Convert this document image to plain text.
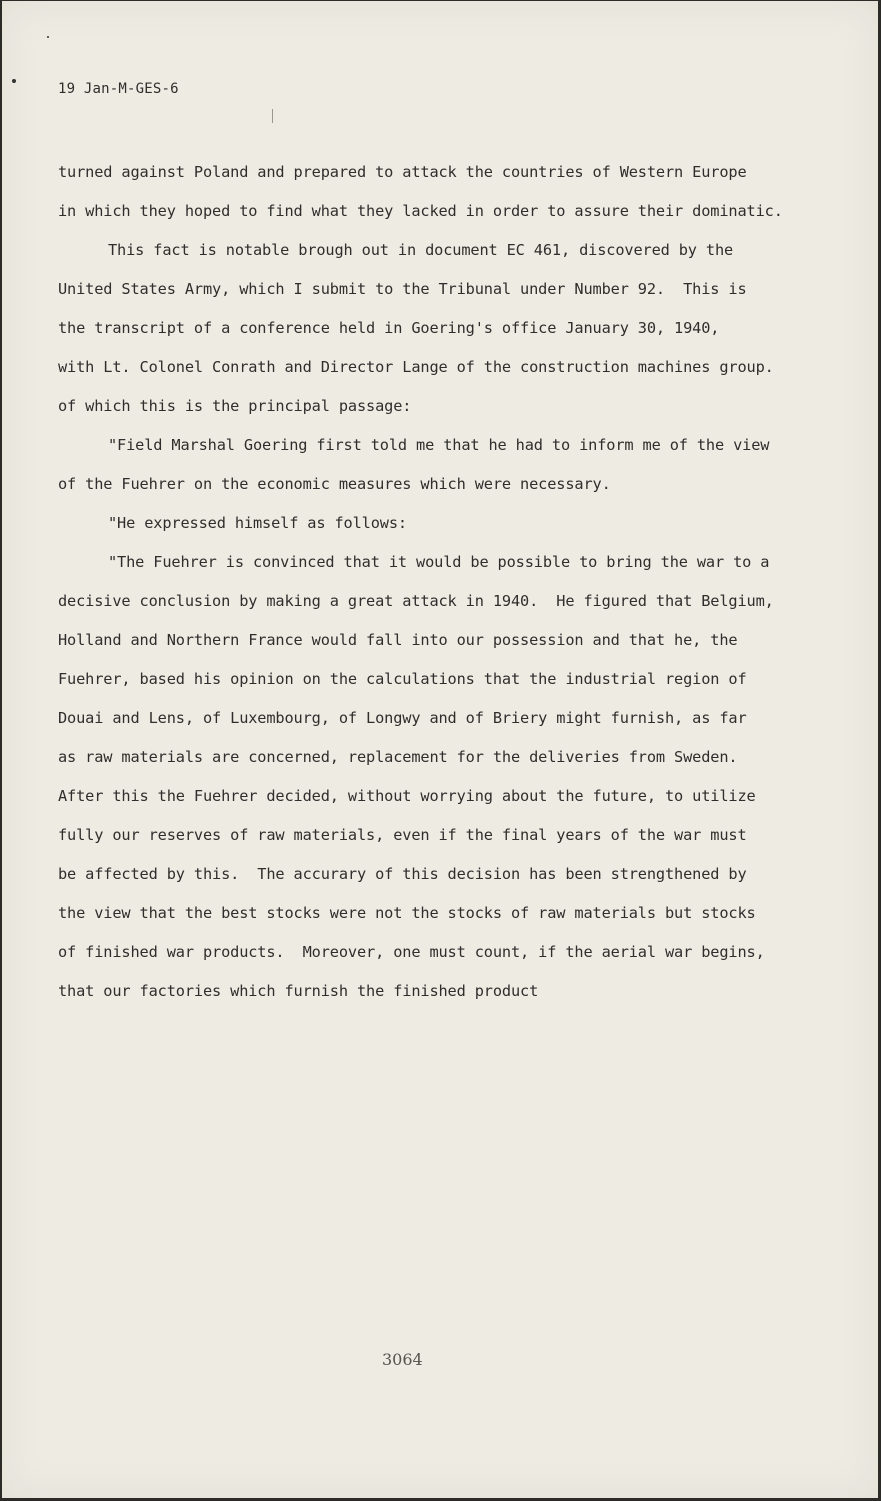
19 Jan-M-GES-6
turned against Poland and prepared to attack the countries of Western Europe
in which they hoped to find what they lacked in order to assure their dominatic.
This fact is notable brough out in document EC 461, discovered by the
United States Army, which I submit to the Tribunal under Number 92.  This is
the transcript of a conference held in Goering's office January 30, 1940,
with Lt. Colonel Conrath and Director Lange of the construction machines group.
of which this is the principal passage:
"Field Marshal Goering first told me that he had to inform me of the view
of the Fuehrer on the economic measures which were necessary.
"He expressed himself as follows:
"The Fuehrer is convinced that it would be possible to bring the war to a
decisive conclusion by making a great attack in 1940.  He figured that Belgium,
Holland and Northern France would fall into our possession and that he, the
Fuehrer, based his opinion on the calculations that the industrial region of
Douai and Lens, of Luxembourg, of Longwy and of Briery might furnish, as far
as raw materials are concerned, replacement for the deliveries from Sweden.
After this the Fuehrer decided, without worrying about the future, to utilize
fully our reserves of raw materials, even if the final years of the war must
be affected by this.  The accurary of this decision has been strengthened by
the view that the best stocks were not the stocks of raw materials but stocks
of finished war products.  Moreover, one must count, if the aerial war begins,
that our factories which furnish the finished product
3064
